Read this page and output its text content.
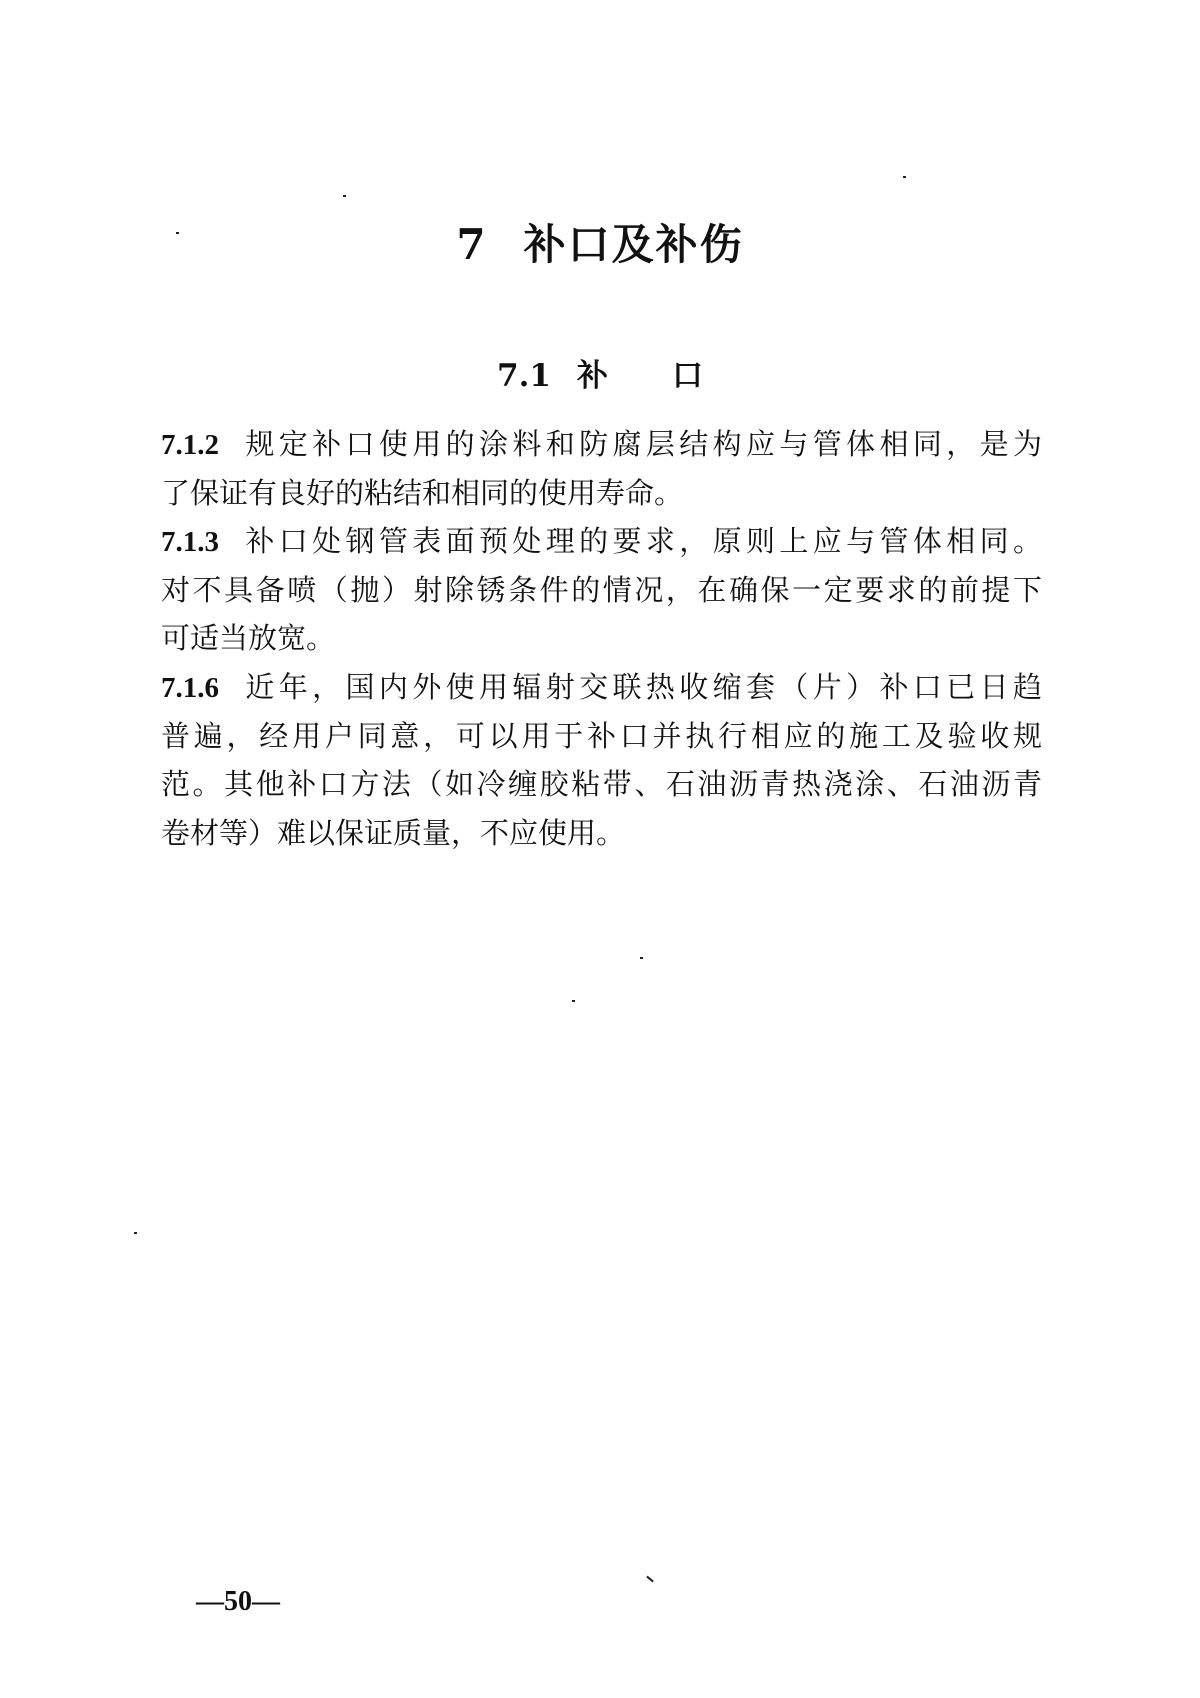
7 补口及补伤
7.1 补 口
7.1.2 规定补口使用的涂料和防腐层结构应与管体相同，是为
了保证有良好的粘结和相同的使用寿命。
7.1.3 补口处钢管表面预处理的要求，原则上应与管体相同。
对不具备喷（抛）射除锈条件的情况，在确保一定要求的前提下
可适当放宽。
7.1.6 近年，国内外使用辐射交联热收缩套（片）补口已日趋
普遍，经用户同意，可以用于补口并执行相应的施工及验收规
范。其他补口方法（如冷缠胶粘带、石油沥青热浇涂、石油沥青
卷材等）难以保证质量，不应使用。
—50—
